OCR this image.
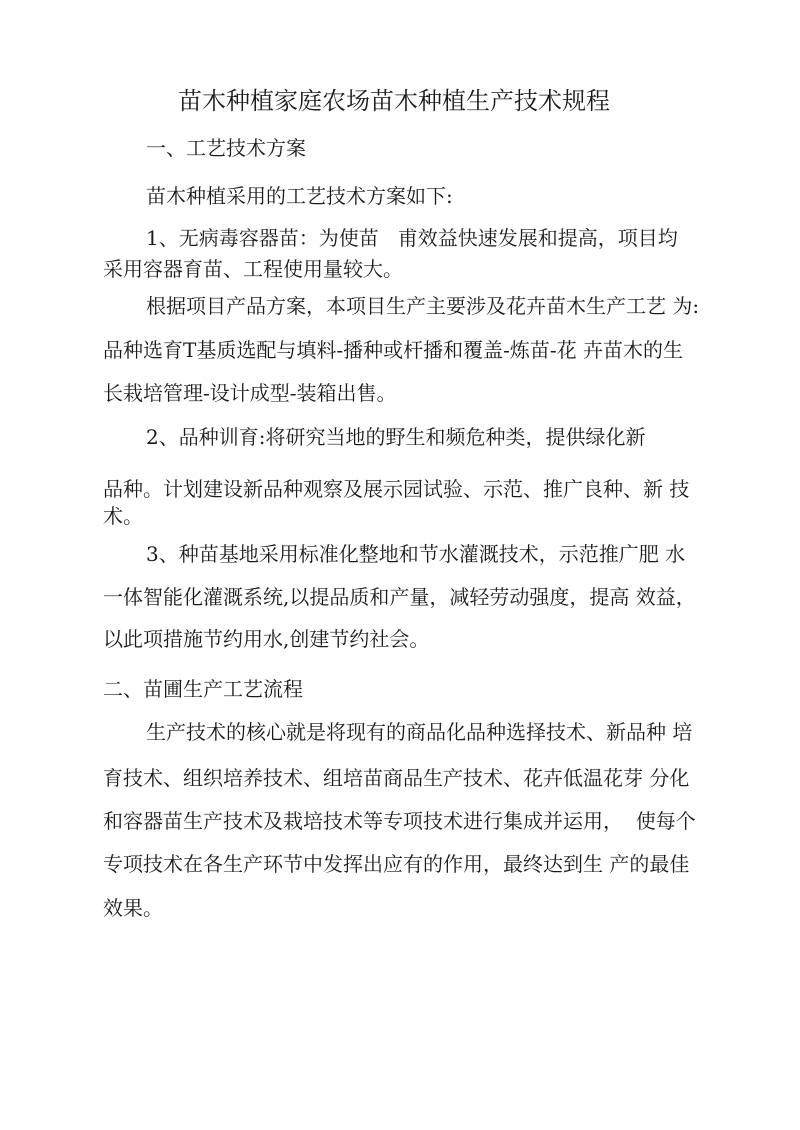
苗木种植家庭农场苗木种植生产技术规程
一、工艺技术方案
苗木种植采用的工艺技术方案如下:
1、无病毒容器苗：为使苗   甫效益快速发展和提高，项目均
采用容器育苗、工程使用量较大。
根据项目产品方案，本项目生产主要涉及花卉苗木生产工艺 为:
品种选育T基质选配与填料-播种或杆播和覆盖-炼苗-花 卉苗木的生
长栽培管理-设计成型-装箱出售。
2、品种训育:将研究当地的野生和频危种类，提供绿化新
品种。计划建设新品种观察及展示园试验、示范、推广良种、新 技
术。
3、种苗基地采用标准化整地和节水灌溉技术，示范推广肥 水
一体智能化灌溉系统,以提品质和产量，减轻劳动强度，提高 效益，
以此项措施节约用水,创建节约社会。
二、苗圃生产工艺流程
生产技术的核心就是将现有的商品化品种选择技术、新品种 培
育技术、组织培养技术、组培苗商品生产技术、花卉低温花芽 分化
和容器苗生产技术及栽培技术等专项技术进行集成并运用，  使每个
专项技术在各生产环节中发挥出应有的作用，最终达到生 产的最佳
效果。
